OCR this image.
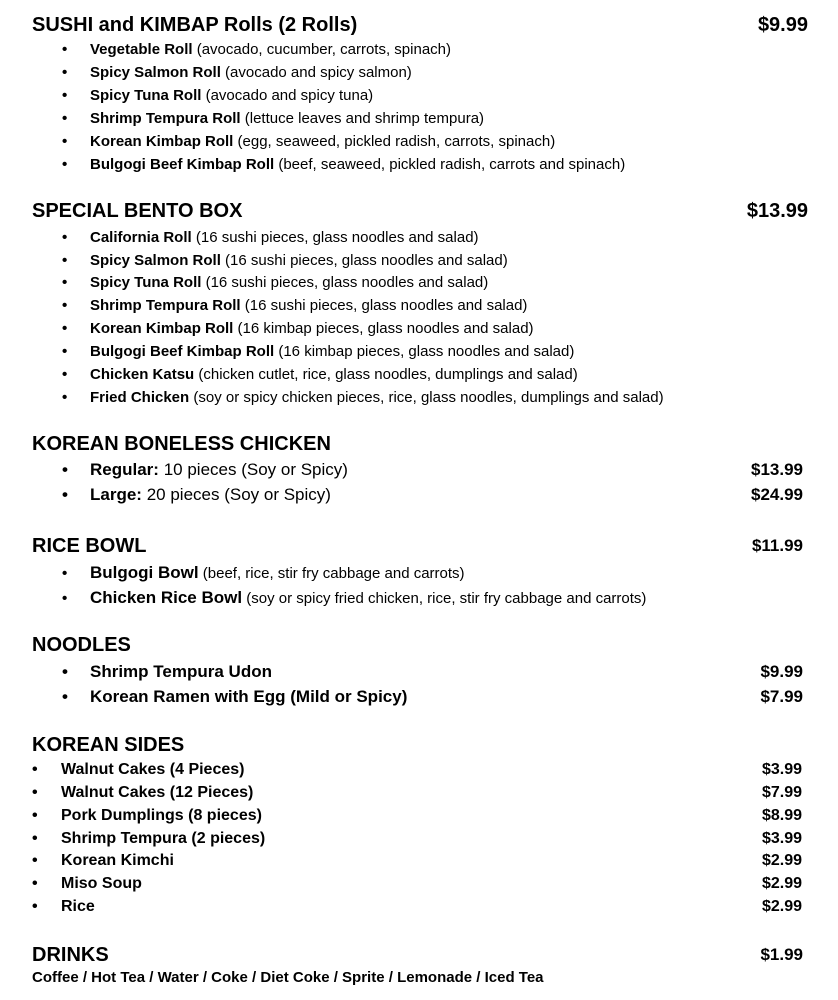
SUSHI and KIMBAP Rolls (2 Rolls)	$9.99
• Vegetable Roll (avocado, cucumber, carrots, spinach)
• Spicy Salmon Roll (avocado and spicy salmon)
• Spicy Tuna Roll (avocado and spicy tuna)
• Shrimp Tempura Roll (lettuce leaves and shrimp tempura)
• Korean Kimbap Roll (egg, seaweed, pickled radish, carrots, spinach)
• Bulgogi Beef Kimbap Roll (beef, seaweed, pickled radish, carrots and spinach)
SPECIAL BENTO BOX	$13.99
• California Roll (16 sushi pieces, glass noodles and salad)
• Spicy Salmon Roll (16 sushi pieces, glass noodles and salad)
• Spicy Tuna Roll (16 sushi pieces, glass noodles and salad)
• Shrimp Tempura Roll (16 sushi pieces, glass noodles and salad)
• Korean Kimbap Roll (16 kimbap pieces, glass noodles and salad)
• Bulgogi Beef Kimbap Roll (16 kimbap pieces, glass noodles and salad)
• Chicken Katsu (chicken cutlet, rice, glass noodles, dumplings and salad)
• Fried Chicken (soy or spicy chicken pieces, rice, glass noodles, dumplings and salad)
KOREAN BONELESS CHICKEN
• Regular: 10 pieces (Soy or Spicy)	$13.99
• Large: 20 pieces (Soy or Spicy)	$24.99
RICE BOWL	$11.99
• Bulgogi Bowl (beef, rice, stir fry cabbage and carrots)
• Chicken Rice Bowl (soy or spicy fried chicken, rice, stir fry cabbage and carrots)
NOODLES
• Shrimp Tempura Udon	$9.99
• Korean Ramen with Egg (Mild or Spicy)	$7.99
KOREAN SIDES
• Walnut Cakes (4 Pieces)	$3.99
• Walnut Cakes (12 Pieces)	$7.99
• Pork Dumplings (8 pieces)	$8.99
• Shrimp Tempura (2 pieces)	$3.99
• Korean Kimchi	$2.99
• Miso Soup	$2.99
• Rice	$2.99
DRINKS	$1.99
Coffee / Hot Tea / Water / Coke / Diet Coke / Sprite / Lemonade / Iced Tea
